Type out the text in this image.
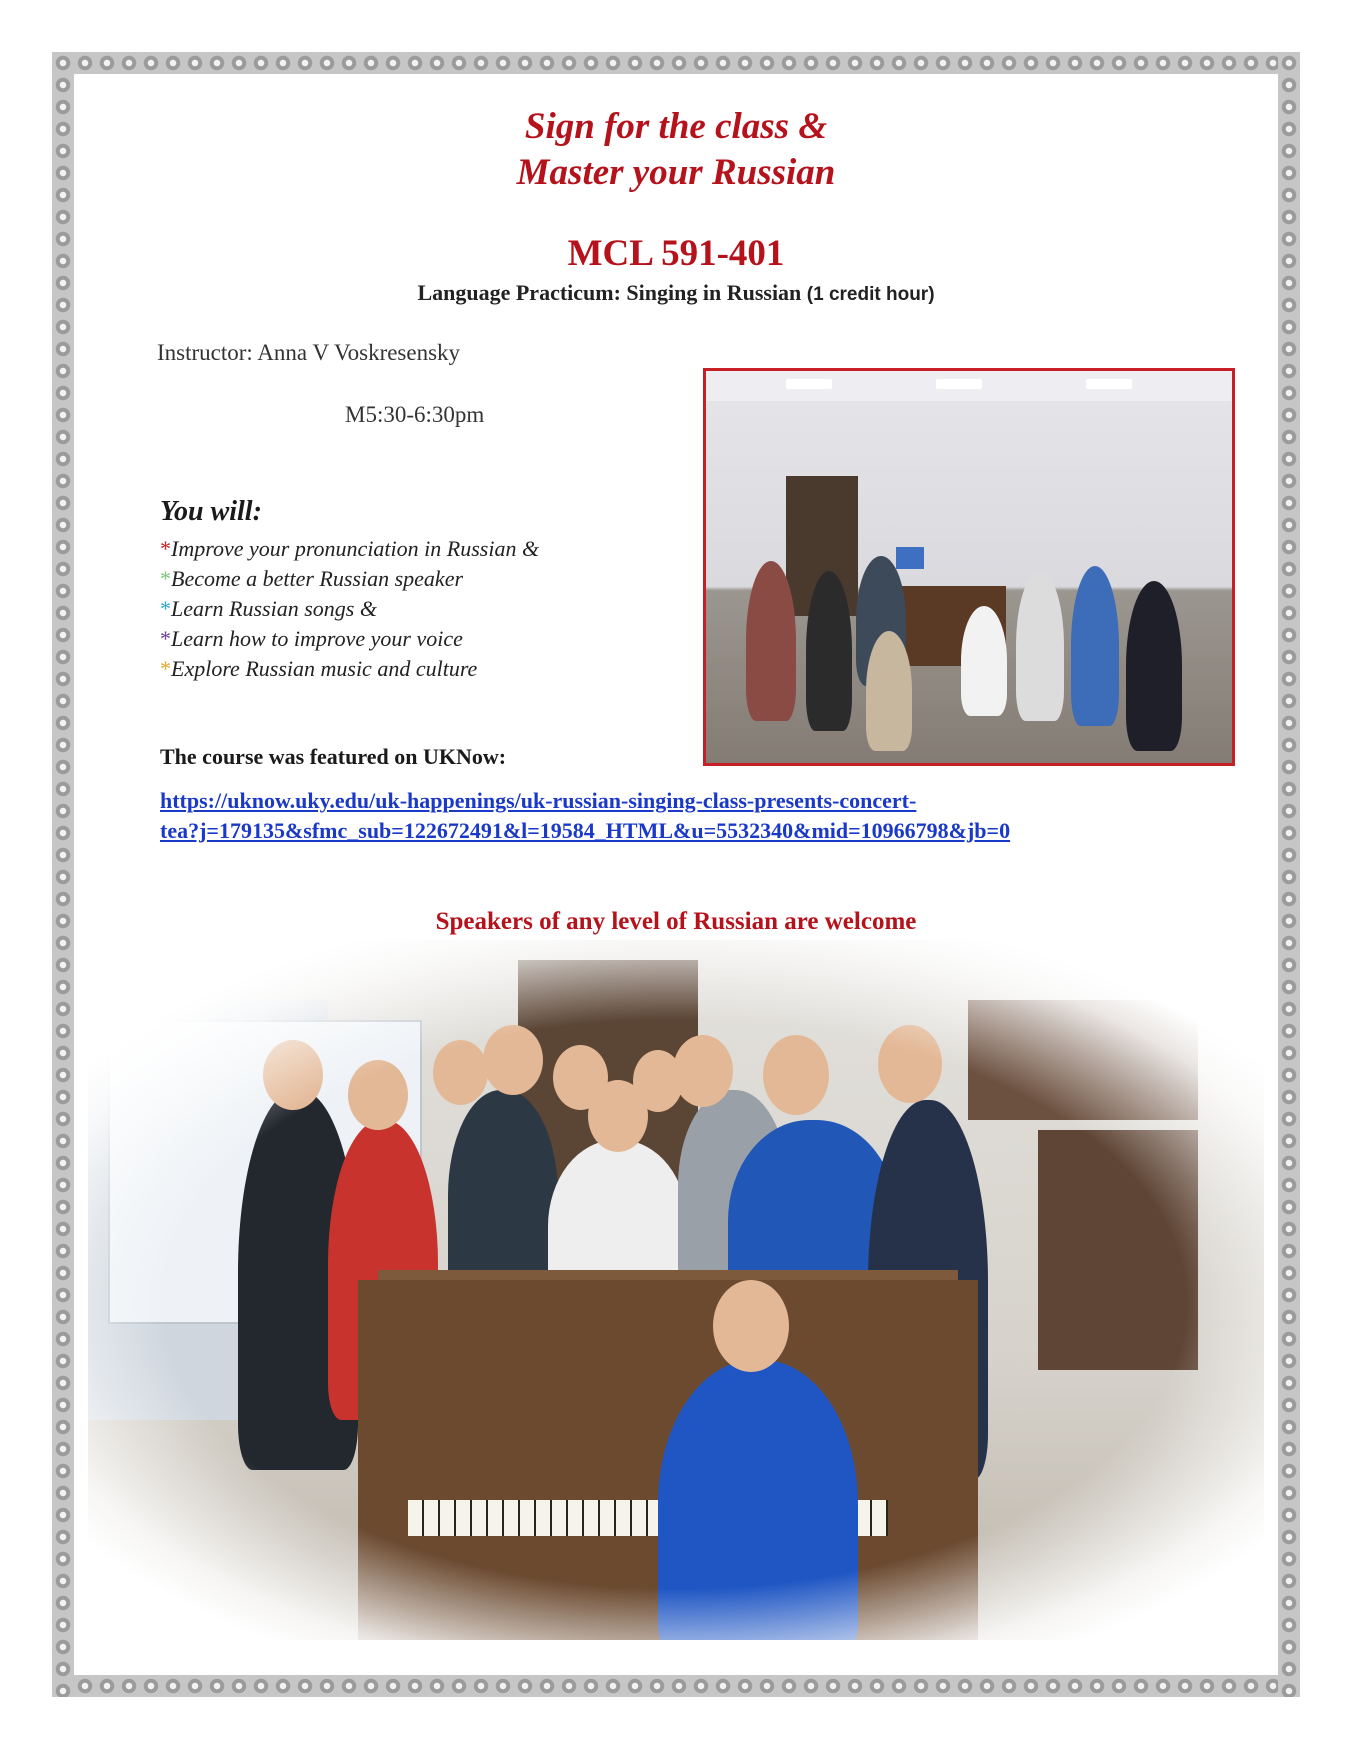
Sign for the class &
Master your Russian
MCL 591-401
Language Practicum: Singing in Russian (1 credit hour)
Instructor: Anna V Voskresensky
M5:30-6:30pm
You will:
*Improve your pronunciation in Russian &
*Become a better Russian speaker
*Learn Russian songs &
*Learn how to improve your voice
*Explore Russian music and culture
The course was featured on UKNow:
https://uknow.uky.edu/uk-happenings/uk-russian-singing-class-presents-concert-
tea?j=179135&sfmc_sub=122672491&l=19584_HTML&u=5532340&mid=10966798&jb=0
Speakers of any level of Russian are welcome
